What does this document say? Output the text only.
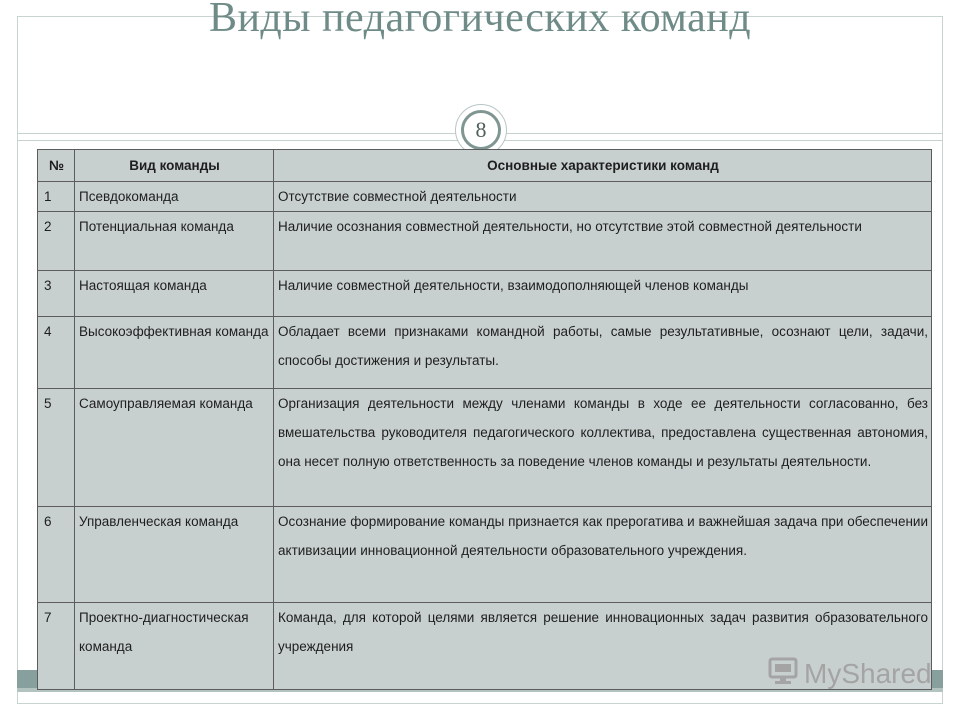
Виды педагогических команд
8
№	Вид команды	Основные характеристики команд
1	Псевдокоманда	Отсутствие совместной деятельности
2	Потенциальная команда	Наличие осознания совместной деятельности, но отсутствие этой совместной деятельности
3	Настоящая команда	Наличие совместной деятельности, взаимодополняющей членов команды
4	Высокоэффективная команда	Обладает всеми признаками командной работы, самые результативные, осознают цели, задачи, способы достижения и результаты.
5	Самоуправляемая команда	Организация деятельности между членами команды в ходе ее деятельности согласованно, без вмешательства руководителя педагогического коллектива, предоставлена существенная автономия, она несет полную ответственность за поведение членов команды и результаты деятельности.
6	Управленческая команда	Осознание формирование команды признается как прерогатива и важнейшая задача при обеспечении активизации инновационной деятельности образовательного учреждения.
7	Проектно-диагностическая команда	Команда, для которой целями является решение инновационных задач развития образовательного учреждения
MyShared
